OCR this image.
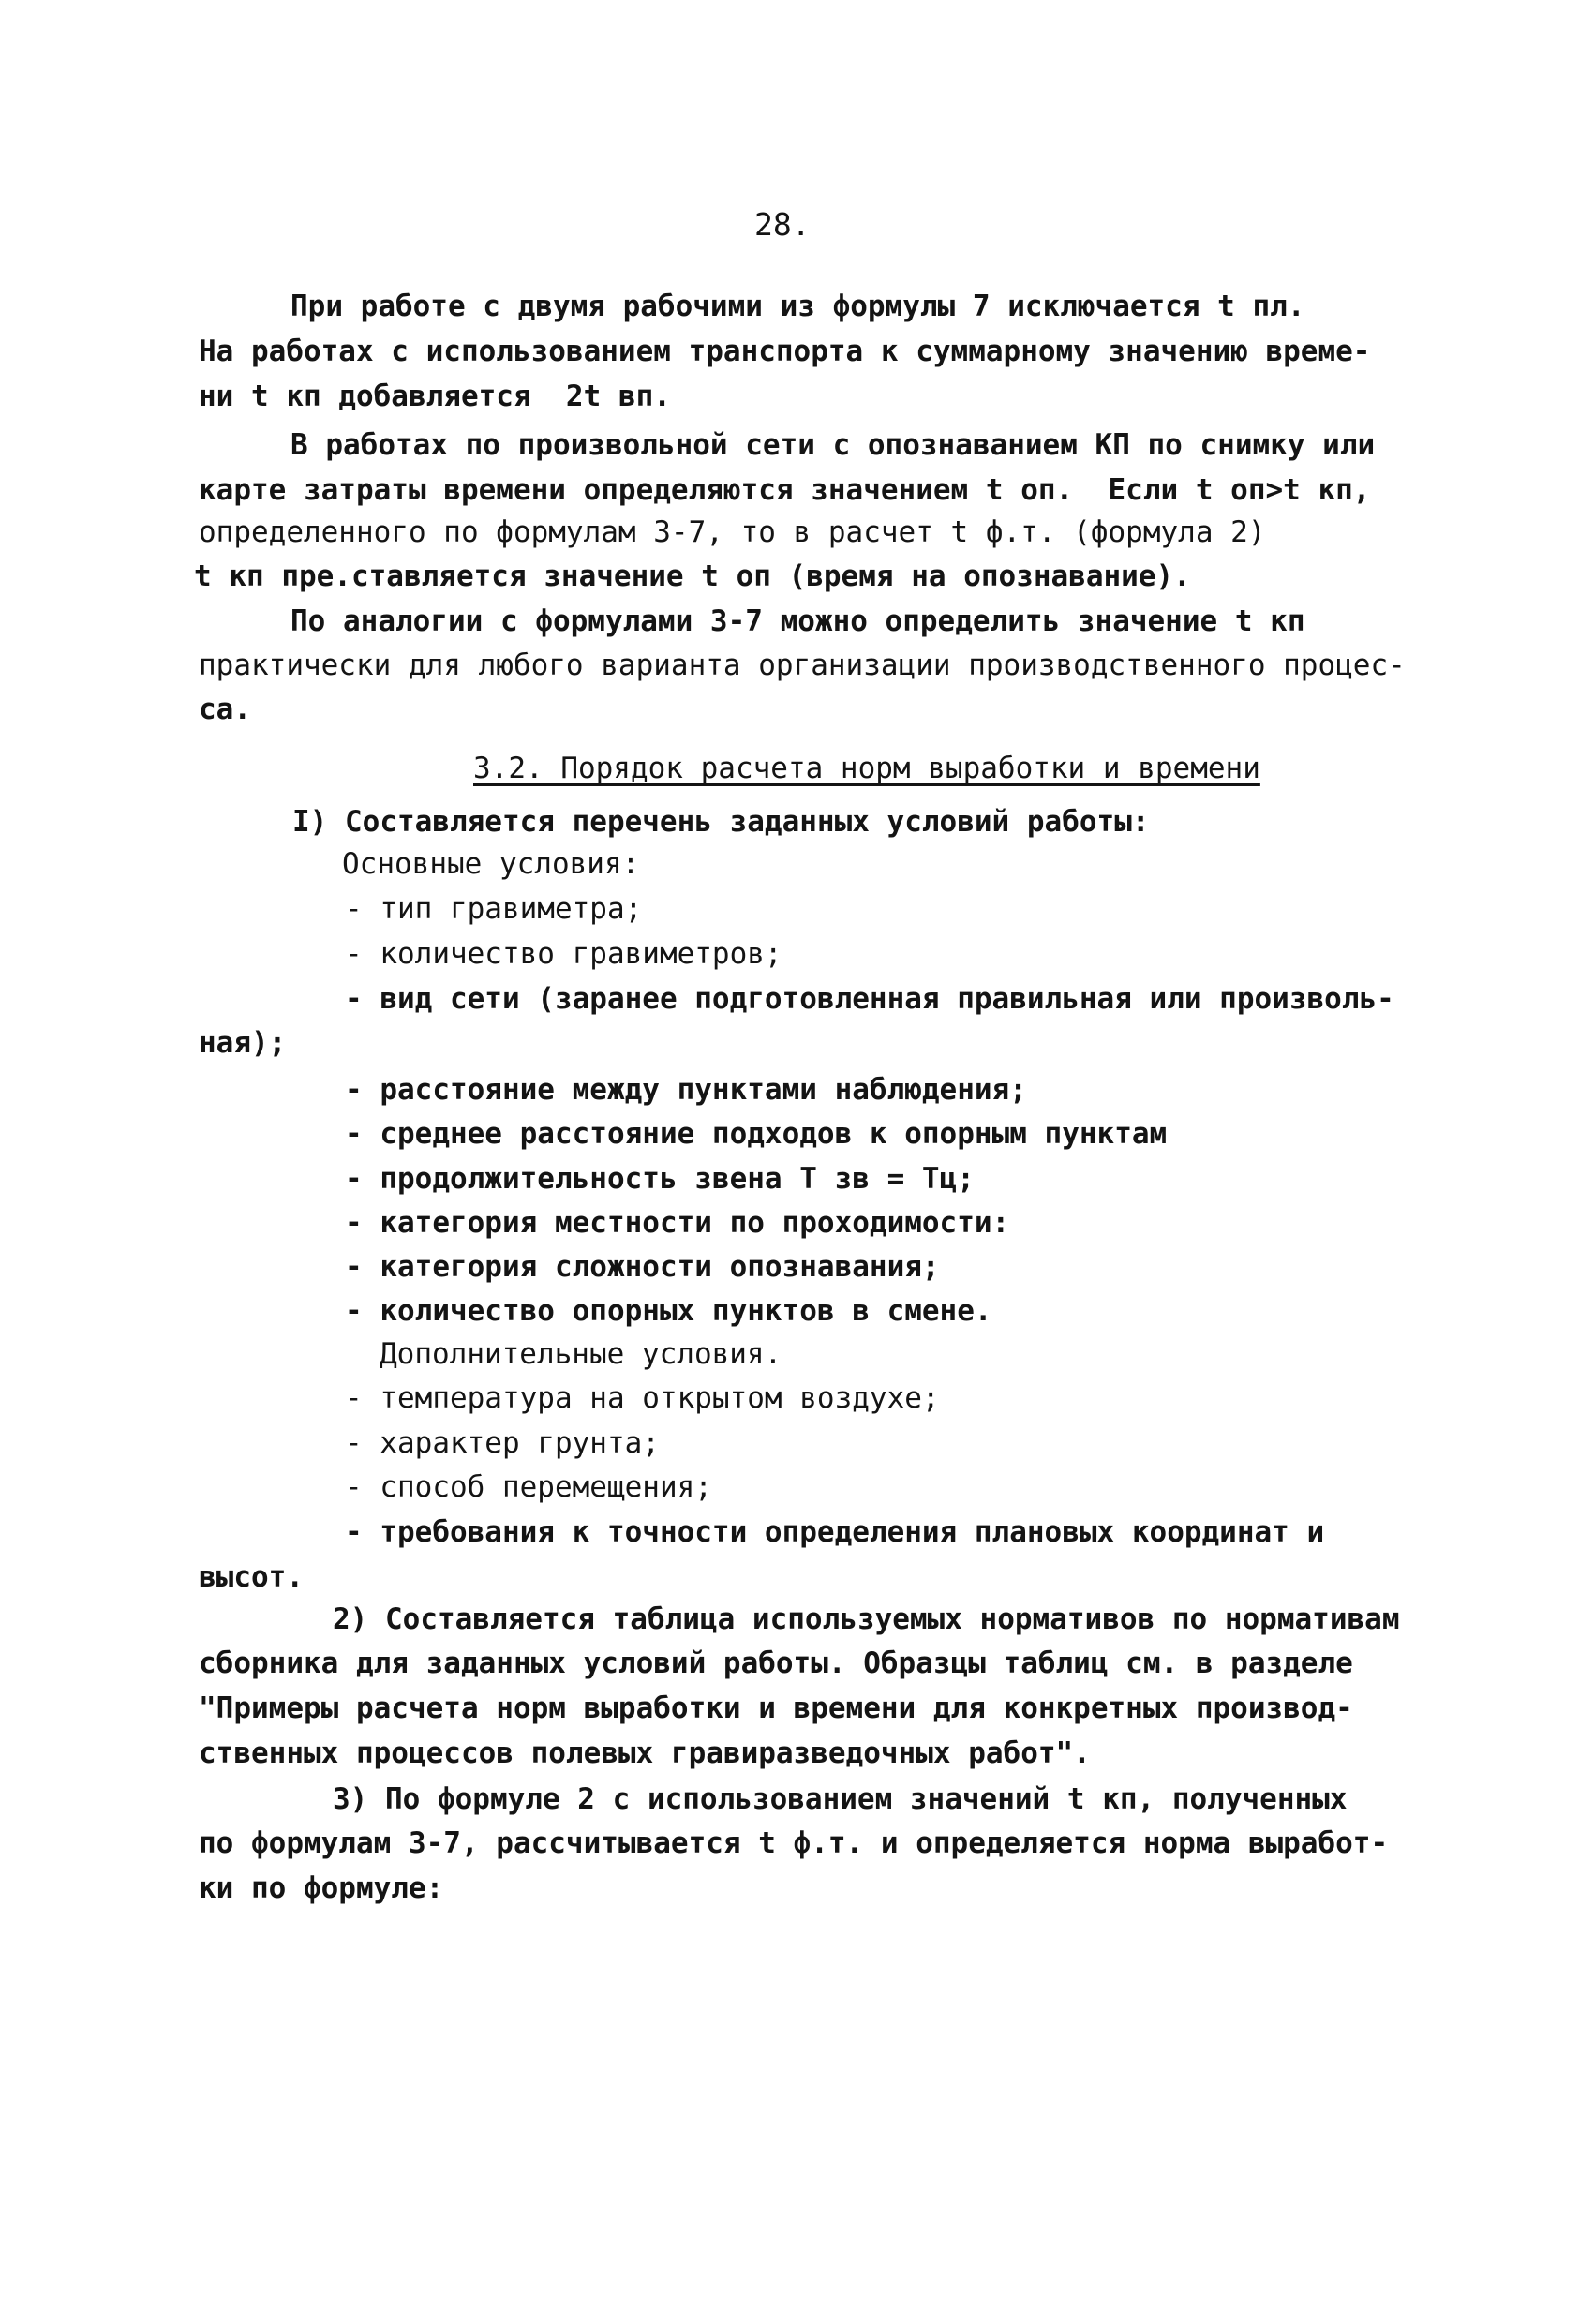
28.
При работе с двумя рабочими из формулы 7 исключается t пл.
На работах с использованием транспорта к суммарному значению време-
ни t кп добавляется  2t вп.
В работах по произвольной сети с опознаванием КП по снимку или
карте затраты времени определяются значением t оп.  Если t оп>t кп,
определенного по формулам 3-7, то в расчет t ф.т. (формула 2)
t кп пре.ставляется значение t оп (время на опознавание).
По аналогии с формулами 3-7 можно определить значение t кп
практически для любого варианта организации производственного процес-
са.
3.2. Порядок расчета норм выработки и времени
I) Составляется перечень заданных условий работы:
Основные условия:
- тип гравиметра;
- количество гравиметров;
- вид сети (заранее подготовленная правильная или произволь-
ная);
- расстояние между пунктами наблюдения;
- среднее расстояние подходов к опорным пунктам
- продолжительность звена Т зв = Тц;
- категория местности по проходимости:
- категория сложности опознавания;
- количество опорных пунктов в смене.
Дополнительные условия.
- температура на открытом воздухе;
- характер грунта;
- способ перемещения;
- требования к точности определения плановых координат и
высот.
2) Составляется таблица используемых нормативов по нормативам
сборника для заданных условий работы. Образцы таблиц см. в разделе
"Примеры расчета норм выработки и времени для конкретных производ-
ственных процессов полевых гравиразведочных работ".
3) По формуле 2 с использованием значений t кп, полученных
по формулам 3-7, рассчитывается t ф.т. и определяется норма выработ-
ки по формуле:
